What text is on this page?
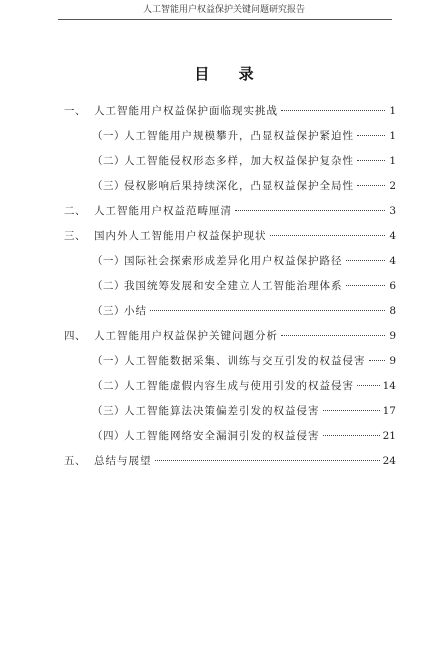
人工智能用户权益保护关键问题研究报告
目 录
一、 人工智能用户权益保护面临现实挑战	1
（一） 人工智能用户规模攀升，凸显权益保护紧迫性	1
（二） 人工智能侵权形态多样，加大权益保护复杂性	1
（三） 侵权影响后果持续深化，凸显权益保护全局性	2
二、 人工智能用户权益范畴厘清	3
三、 国内外人工智能用户权益保护现状	4
（一） 国际社会探索形成差异化用户权益保护路径	4
（二） 我国统筹发展和安全建立人工智能治理体系	6
（三） 小结	8
四、 人工智能用户权益保护关键问题分析	9
（一） 人工智能数据采集、训练与交互引发的权益侵害 9
（二） 人工智能虚假内容生成与使用引发的权益侵害	14
（三） 人工智能算法决策偏差引发的权益侵害	17
（四） 人工智能网络安全漏洞引发的权益侵害	21
五、 总结与展望	24
